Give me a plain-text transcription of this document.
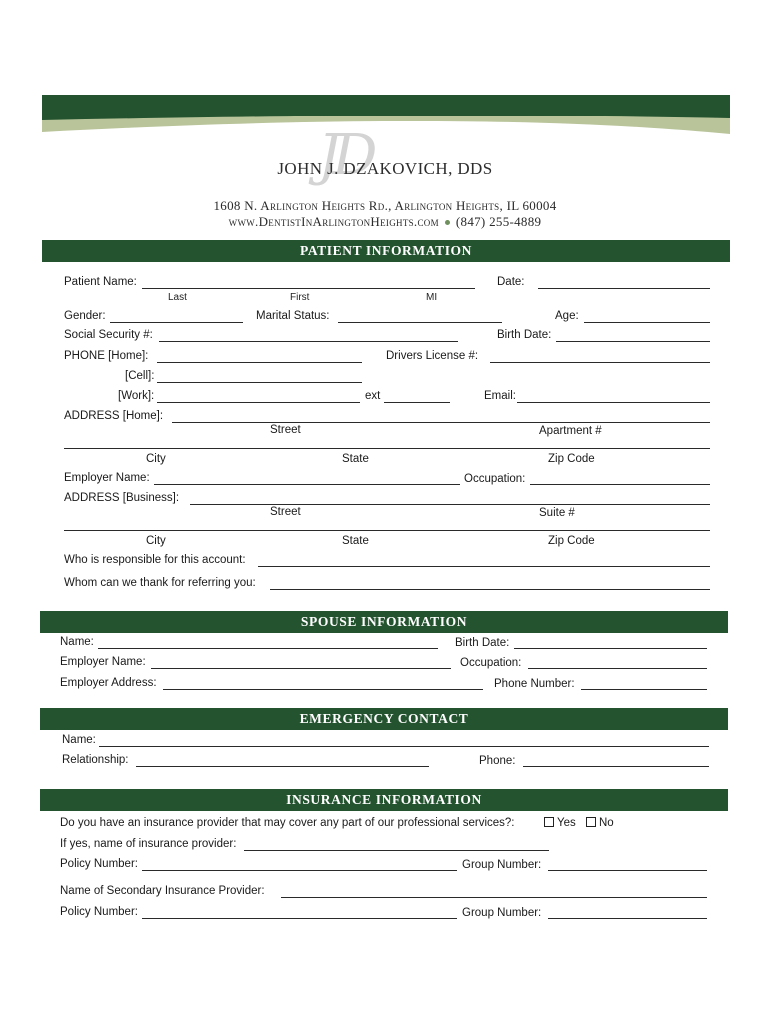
JD
JOHN J. DZAKOVICH, DDS
1608 N. Arlington Heights Rd., Arlington Heights, IL 60004
www.DentistInArlingtonHeights.com (847) 255-4889
PATIENT INFORMATION
Patient Name:
Last	First	MI
Date:
Gender:	Marital Status:	Age:
Social Security #:	Birth Date:
PHONE [Home]:	Drivers License #:
[Cell]:
[Work]:	ext	Email:
ADDRESS [Home]:
Street	Apartment #
City	State	Zip Code
Employer Name:	Occupation:
ADDRESS [Business]:
Street	Suite #
City	State	Zip Code
Who is responsible for this account:
Whom can we thank for referring you:
SPOUSE INFORMATION
Name:	Birth Date:
Employer Name:	Occupation:
Employer Address:	Phone Number:
EMERGENCY CONTACT
Name:
Relationship:	Phone:
INSURANCE INFORMATION
Do you have an insurance provider that may cover any part of our professional services?:	Yes	No
If yes, name of insurance provider:
Policy Number:	Group Number:
Name of Secondary Insurance Provider:
Policy Number:	Group Number:
